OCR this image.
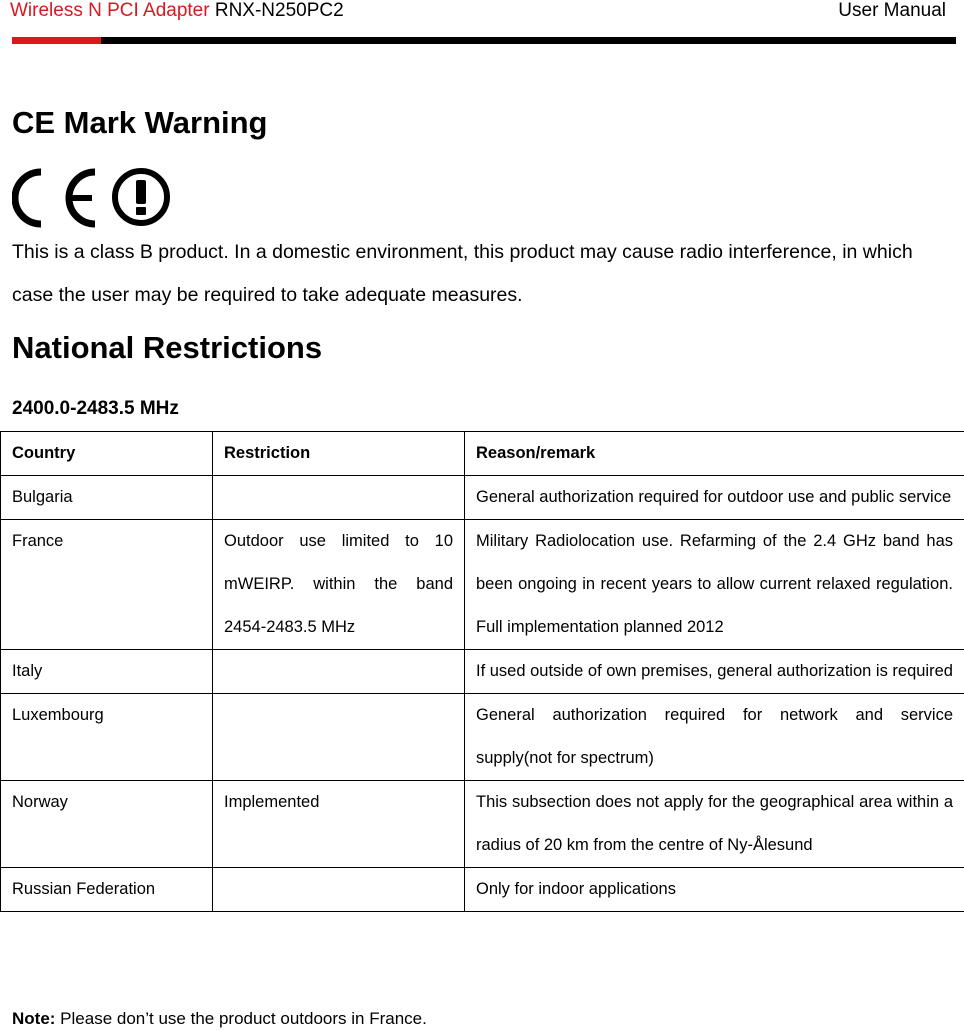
Wireless N PCI Adapter RNX-N250PC2	User Manual
CE Mark Warning

This is a class B product. In a domestic environment, this product may cause radio interference, in which case the user may be required to take adequate measures.

National Restrictions

2400.0-2483.5 MHz

Country	Restriction	Reason/remark
Bulgaria		General authorization required for outdoor use and public service
France	Outdoor use limited to 10 mWEIRP. within the band 2454-2483.5 MHz	Military Radiolocation use. Refarming of the 2.4 GHz band has been ongoing in recent years to allow current relaxed regulation. Full implementation planned 2012
Italy		If used outside of own premises, general authorization is required
Luxembourg		General authorization required for network and service supply(not for spectrum)
Norway	Implemented	This subsection does not apply for the geographical area within a radius of 20 km from the centre of Ny-Ålesund
Russian Federation		Only for indoor applications

Note: Please don’t use the product outdoors in France.
